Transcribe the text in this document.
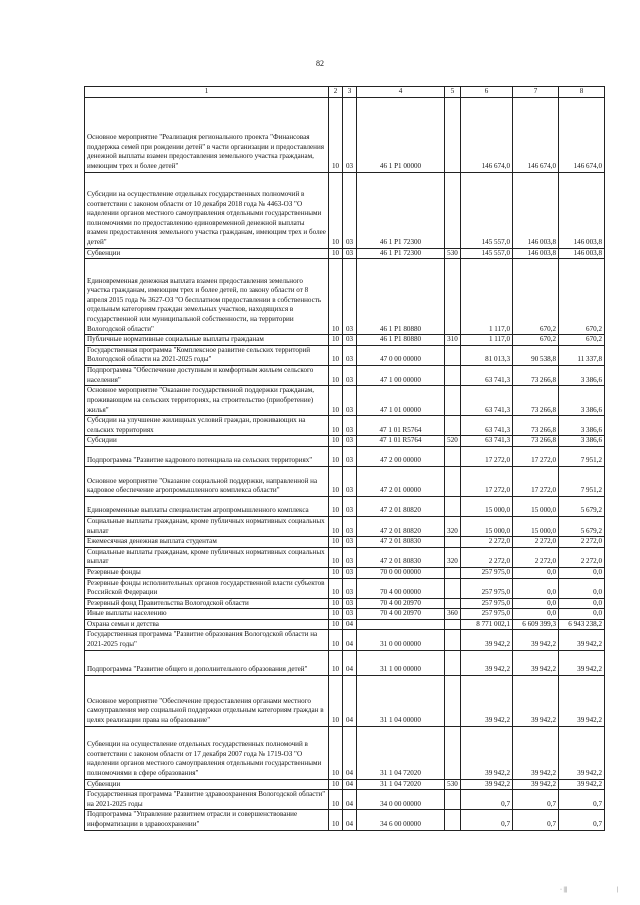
82
1	2	3	4	5	6	7	8
Основное мероприятие "Реализация регионального проекта "Финансовая поддержка семей при рождении детей" в части организации и предоставления денежной выплаты взамен предоставления земельного участка гражданам, имеющим трех и более детей"	10	03	46 1 P1 00000		146 674,0	146 674,0	146 674,0
Субсидии на осуществление отдельных государственных полномочий в соответствии с законом области от 10 декабря 2018 года № 4463-ОЗ "О наделении органов местного самоуправления отдельными государственными полномочиями по предоставлению единовременной денежной выплаты взамен предоставления земельного участка гражданам, имеющим трех и более детей"	10	03	46 1 P1 72300		145 557,0	146 003,8	146 003,8
Субвенции	10	03	46 1 P1 72300	530	145 557,0	146 003,8	146 003,8
Единовременная денежная выплата взамен предоставления земельного участка гражданам, имеющим трех и более детей, по закону области от 8 апреля 2015 года № 3627-ОЗ "О бесплатном предоставлении в собственность отдельным категориям граждан земельных участков, находящихся в государственной или муниципальной собственности, на территории Вологодской области"	10	03	46 1 P1 80880		1 117,0	670,2	670,2
Публичные нормативные социальные выплаты гражданам	10	03	46 1 P1 80880	310	1 117,0	670,2	670,2
Государственная программа "Комплексное развитие сельских территорий Вологодской области на 2021-2025 годы"	10	03	47 0 00 00000		81 013,3	90 538,8	11 337,8
Подпрограмма "Обеспечение доступным и комфортным жильем сельского населения"	10	03	47 1 00 00000		63 741,3	73 266,8	3 386,6
Основное мероприятие "Оказание государственной поддержки гражданам, проживающим на сельских территориях, на строительство (приобретение) жилья"	10	03	47 1 01 00000		63 741,3	73 266,8	3 386,6
Субсидии на улучшение жилищных условий граждан, проживающих на сельских территориях	10	03	47 1 01 R5764		63 741,3	73 266,8	3 386,6
Субсидии	10	03	47 1 01 R5764	520	63 741,3	73 266,8	3 386,6
Подпрограмма "Развитие кадрового потенциала на сельских территориях"	10	03	47 2 00 00000		17 272,0	17 272,0	7 951,2
Основное мероприятие "Оказание социальной поддержки, направленной на кадровое обеспечение агропромышленного комплекса области"	10	03	47 2 01 00000		17 272,0	17 272,0	7 951,2
Единовременные выплаты специалистам агропромышленного комплекса	10	03	47 2 01 80820		15 000,0	15 000,0	5 679,2
Социальные выплаты гражданам, кроме публичных нормативных социальных выплат	10	03	47 2 01 80820	320	15 000,0	15 000,0	5 679,2
Ежемесячная денежная выплата студентам	10	03	47 2 01 80830		2 272,0	2 272,0	2 272,0
Социальные выплаты гражданам, кроме публичных нормативных социальных выплат	10	03	47 2 01 80830	320	2 272,0	2 272,0	2 272,0
Резервные фонды	10	03	70 0 00 00000		257 975,0	0,0	0,0
Резервные фонды исполнительных органов государственной власти субъектов Российской Федерации	10	03	70 4 00 00000		257 975,0	0,0	0,0
Резервный фонд Правительства Вологодской области	10	03	70 4 00 20970		257 975,0	0,0	0,0
Иные выплаты населению	10	03	70 4 00 20970	360	257 975,0	0,0	0,0
Охрана семьи и детства	10	04			8 771 002,1	6 609 399,3	6 943 238,2
Государственная программа "Развитие образования Вологодской области на 2021-2025 годы"	10	04	31 0 00 00000		39 942,2	39 942,2	39 942,2
Подпрограмма "Развитие общего и дополнительного образования детей"	10	04	31 1 00 00000		39 942,2	39 942,2	39 942,2
Основное мероприятие "Обеспечение предоставления органами местного самоуправления мер социальной поддержки отдельным категориям граждан в целях реализации права на образование"	10	04	31 1 04 00000		39 942,2	39 942,2	39 942,2
Субвенции на осуществление отдельных государственных полномочий в соответствии с законом области от 17 декабря 2007 года № 1719-ОЗ "О наделении органов местного самоуправления отдельными государственными полномочиями в сфере образования"	10	04	31 1 04 72020		39 942,2	39 942,2	39 942,2
Субвенции	10	04	31 1 04 72020	530	39 942,2	39 942,2	39 942,2
Государственная программа "Развитие здравоохранения Вологодской области" на 2021-2025 годы	10	04	34 0 00 00000		0,7	0,7	0,7
Подпрограмма "Управление развитием отрасли и совершенствование информатизации в здравоохранении"	10	04	34 6 00 00000		0,7	0,7	0,7
· |||	|
